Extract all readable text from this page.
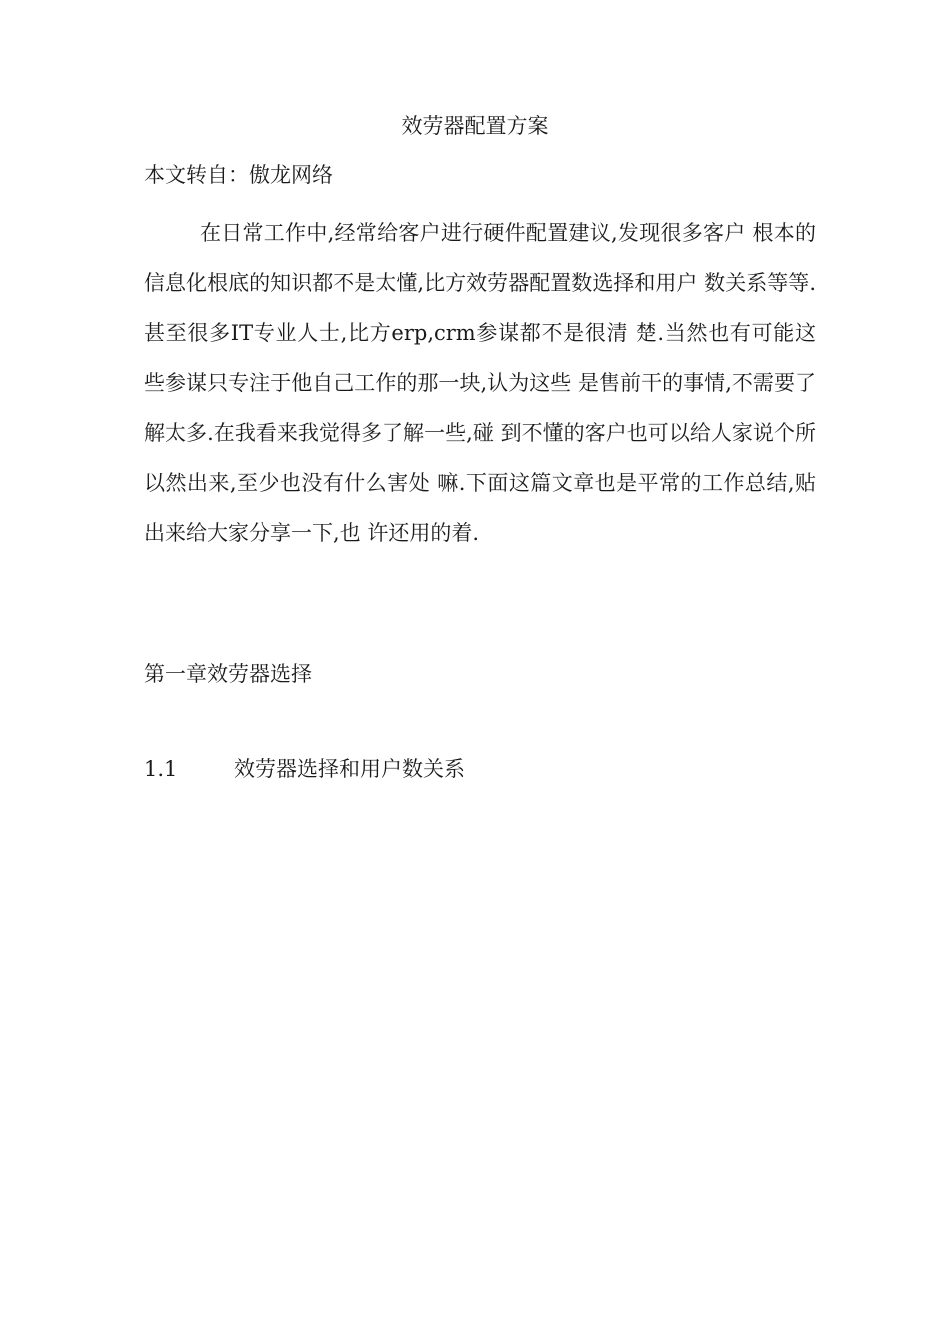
效劳器配置方案
本文转自：傲龙网络

在日常工作中,经常给客户进行硬件配置建议,发现很多客户 根本的信息化根底的知识都不是太懂,比方效劳器配置数选择和用户 数关系等等.甚至很多IT专业人士,比方erp,crm参谋都不是很清 楚.当然也有可能这些参谋只专注于他自己工作的那一块,认为这些 是售前干的事情,不需要了解太多.在我看来我觉得多了解一些,碰 到不懂的客户也可以给人家说个所以然出来,至少也没有什么害处 嘛.下面这篇文章也是平常的工作总结,贴出来给大家分享一下,也 许还用的着.

第一章效劳器选择
1.1	效劳器选择和用户数关系
